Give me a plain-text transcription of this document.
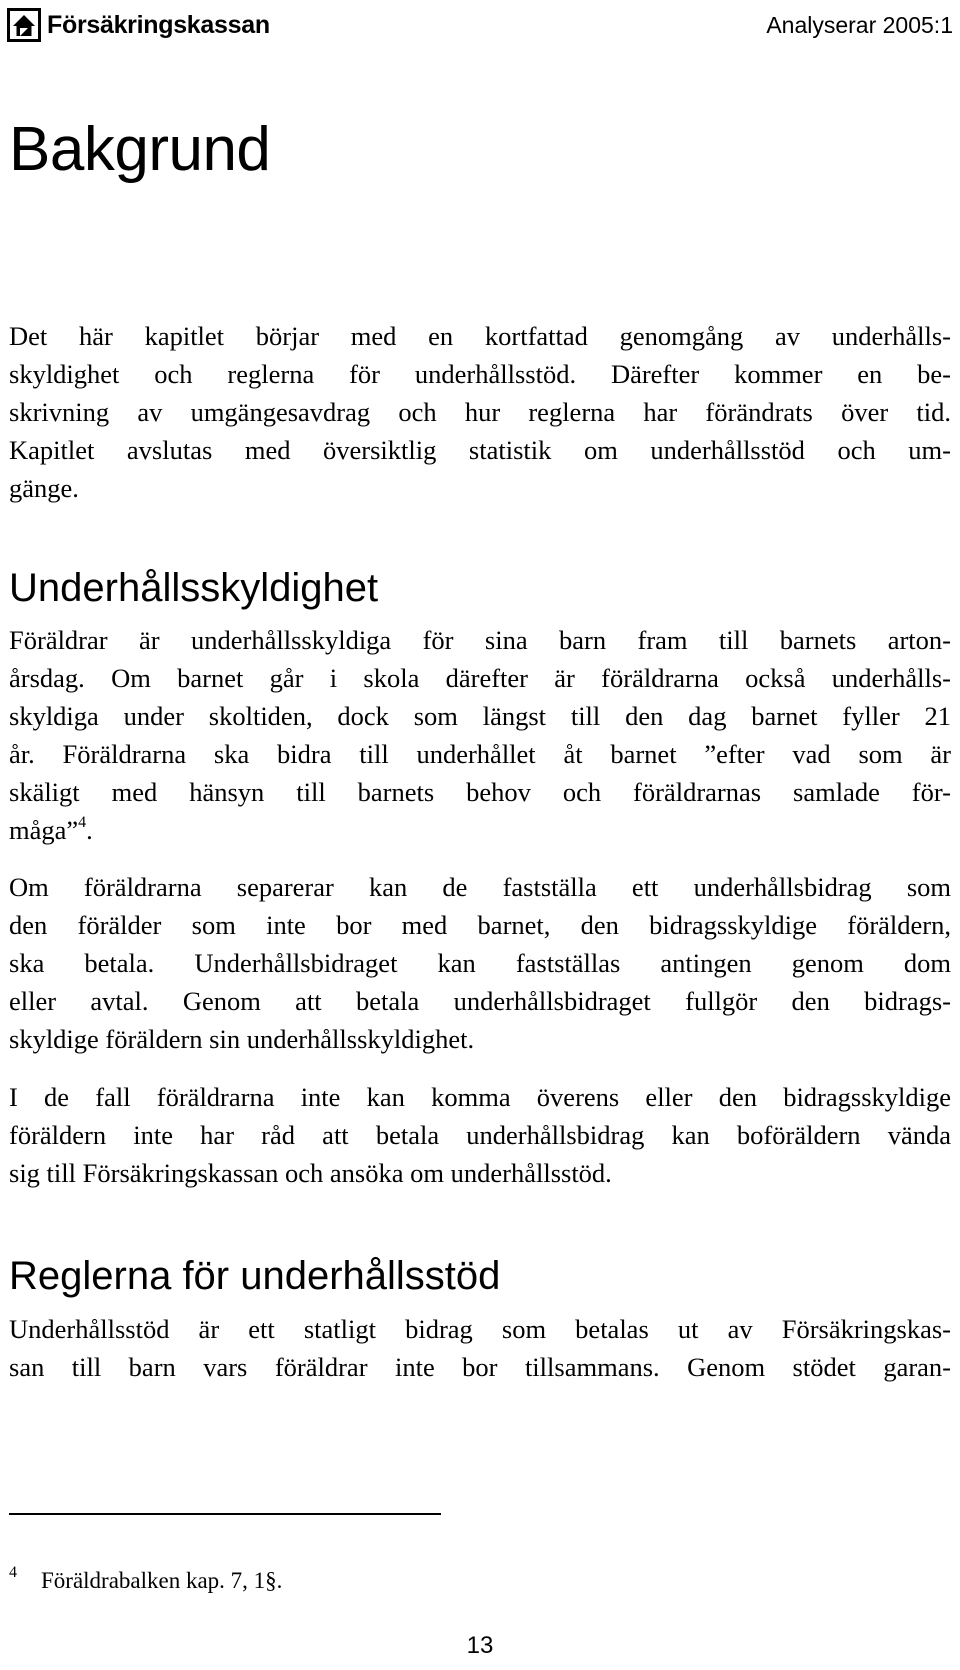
Försäkringskassan	Analyserar 2005:1
Bakgrund

Det här kapitlet börjar med en kortfattad genomgång av underhålls-
skyldighet och reglerna för underhållsstöd. Därefter kommer en be-
skrivning av umgängesavdrag och hur reglerna har förändrats över tid.
Kapitlet avslutas med översiktlig statistik om underhållsstöd och um-
gänge.

Underhållsskyldighet

Föräldrar är underhållsskyldiga för sina barn fram till barnets arton-
årsdag. Om barnet går i skola därefter är föräldrarna också underhålls-
skyldiga under skoltiden, dock som längst till den dag barnet fyller 21
år. Föräldrarna ska bidra till underhållet åt barnet ”efter vad som är
skäligt med hänsyn till barnets behov och föräldrarnas samlade för-
måga”$^4$.

Om föräldrarna separerar kan de fastställa ett underhållsbidrag som
den förälder som inte bor med barnet, den bidragsskyldige föräldern,
ska betala. Underhållsbidraget kan fastställas antingen genom dom
eller avtal. Genom att betala underhållsbidraget fullgör den bidrags-
skyldige föräldern sin underhållsskyldighet.

I de fall föräldrarna inte kan komma överens eller den bidragsskyldige
föräldern inte har råd att betala underhållsbidrag kan boföräldern vända
sig till Försäkringskassan och ansöka om underhållsstöd.

Reglerna för underhållsstöd

Underhållsstöd är ett statligt bidrag som betalas ut av Försäkringskas-
san till barn vars föräldrar inte bor tillsammans. Genom stödet garan-

4 Föräldrabalken kap. 7, 1§.
13
